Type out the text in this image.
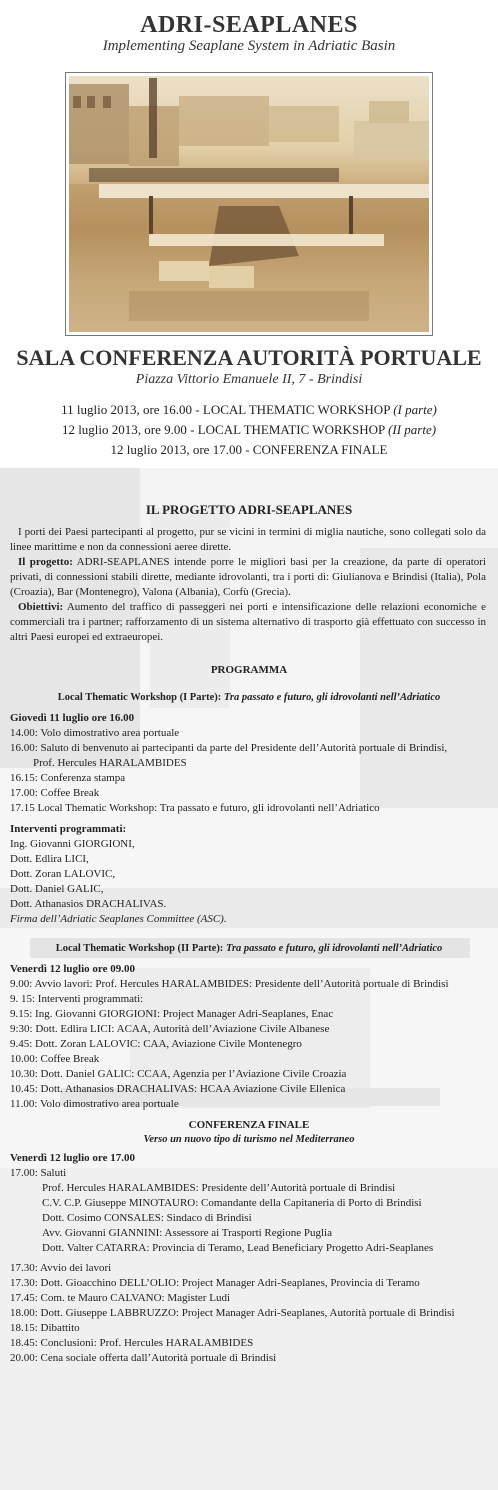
ADRI-SEAPLANES
Implementing Seaplane System in Adriatic Basin
SALA CONFERENZA AUTORITÀ PORTUALE
Piazza Vittorio Emanuele II, 7 - Brindisi
11 luglio 2013, ore 16.00 - LOCAL THEMATIC WORKSHOP (I parte)
12 luglio 2013, ore 9.00 - LOCAL THEMATIC WORKSHOP (II parte)
12 luglio 2013, ore 17.00 - CONFERENZA FINALE
IL PROGETTO ADRI-SEAPLANES
I porti dei Paesi partecipanti al progetto, pur se vicini in termini di miglia nautiche, sono collegati solo da linee marittime e non da connessioni aeree dirette.
Il progetto: ADRI-SEAPLANES intende porre le migliori basi per la creazione, da parte di operatori privati, di connessioni stabili dirette, mediante idrovolanti, tra i porti di: Giulianova e Brindisi (Italia), Pola (Croazia), Bar (Montenegro), Valona (Albania), Corfù (Grecia).
Obiettivi: Aumento del traffico di passeggeri nei porti e intensificazione delle relazioni economiche e commerciali tra i partner; rafforzamento di un sistema alternativo di trasporto già effettuato con successo in altri Paesi europei ed extraeuropei.
PROGRAMMA
Local Thematic Workshop (I Parte): Tra passato e futuro, gli idrovolanti nell’Adriatico
Giovedì 11 luglio ore 16.00
14.00: Volo dimostrativo area portuale
16.00: Saluto di benvenuto ai partecipanti da parte del Presidente dell’Autorità portuale di Brindisi,
Prof. Hercules HARALAMBIDES
16.15: Conferenza stampa
17.00: Coffee Break
17.15 Local Thematic Workshop: Tra passato e futuro, gli idrovolanti nell’Adriatico
Interventi programmati:
Ing. Giovanni GIORGIONI,
Dott. Edlira LICI,
Dott. Zoran LALOVIC,
Dott. Daniel GALIC,
Dott. Athanasios DRACHALIVAS.
Firma dell’Adriatic Seaplanes Committee (ASC).
Local Thematic Workshop (II Parte): Tra passato e futuro, gli idrovolanti nell’Adriatico
Venerdì 12 luglio ore 09.00
9.00: Avvio lavori: Prof. Hercules HARALAMBIDES: Presidente dell’Autorità portuale di Brindisi
9. 15: Interventi programmati:
9.15: Ing. Giovanni GIORGIONI: Project Manager Adri-Seaplanes, Enac
9:30: Dott. Edlira LICI: ACAA, Autorità dell’Aviazione Civile Albanese
9.45: Dott. Zoran LALOVIC: CAA, Aviazione Civile Montenegro
10.00: Coffee Break
10.30: Dott. Daniel GALIC: CCAA, Agenzia per l’Aviazione Civile Croazia
10.45: Dott. Athanasios DRACHALIVAS: HCAA Aviazione Civile Ellenica
11.00: Volo dimostrativo area portuale
CONFERENZA FINALE
Verso un nuovo tipo di turismo nel Mediterraneo
Venerdì 12 luglio ore 17.00
17.00: Saluti
Prof. Hercules HARALAMBIDES: Presidente dell’Autorità portuale di Brindisi
C.V. C.P. Giuseppe MINOTAURO: Comandante della Capitaneria di Porto di Brindisi
Dott. Cosimo CONSALES: Sindaco di Brindisi
Avv. Giovanni GIANNINI: Assessore ai Trasporti Regione Puglia
Dott. Valter CATARRA: Provincia di Teramo, Lead Beneficiary Progetto Adri-Seaplanes
17.30: Avvio dei lavori
17.30: Dott. Gioacchino DELL’OLIO: Project Manager Adri-Seaplanes, Provincia di Teramo
17.45: Com. te Mauro CALVANO: Magister Ludi
18.00: Dott. Giuseppe LABBRUZZO: Project Manager Adri-Seaplanes, Autorità portuale di Brindisi
18.15: Dibattito
18.45: Conclusioni: Prof. Hercules HARALAMBIDES
20.00: Cena sociale offerta dall’Autorità portuale di Brindisi
